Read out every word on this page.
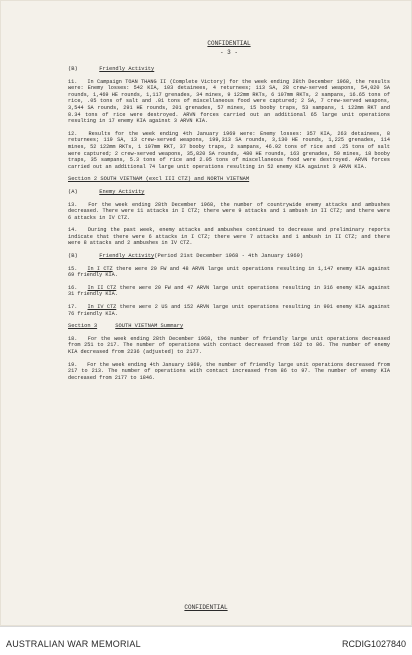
CONFIDENTIAL
- 3 -
(B)	Friendly Activity

11. In Campaign TOAN THANG II (Complete Victory) for the week ending 28th December 1968, the results were: Enemy losses: 542 KIA, 103 detainees, 4 returnees; 113 SA, 28 crew-served weapons, 54,020 SA rounds, 1,469 HE rounds, 1,117 grenades, 34 mines, 9 122mm RKTs, 6 107mm RKTs, 2 sampans, 16.65 tons of rice, .05 tons of salt and .01 tons of miscellaneous food were captured; 2 SA, 7 crew-served weapons, 3,544 SA rounds, 291 HE rounds, 201 grenades, 57 mines, 15 booby traps, 53 sampans, 1 122mm RKT and 8.34 tons of rice were destroyed. ARVN forces carried out an additional 65 large unit operations resulting in 17 enemy KIA against 3 ARVN KIA.

12. Results for the week ending 4th January 1969 were: Enemy losses: 357 KIA, 263 detainees, 8 returnees; 119 SA, 13 crew-served weapons, 199,313 SA rounds, 3,130 HE rounds, 1,225 grenades, 114 mines, 52 122mm RKTs, 1 107mm RKT, 37 booby traps, 2 sampans, 46.92 tons of rice and .25 tons of salt were captured; 2 crew-served weapons, 35,820 SA rounds, 480 HE rounds, 163 grenades, 50 mines, 18 booby traps, 35 sampans, 5.3 tons of rice and 2.05 tons of miscellaneous food were destroyed. ARVN forces carried out an additional 74 large unit operations resulting in 52 enemy KIA against 3 ARVN KIA.

Section 2 SOUTH VIETNAM (excl III CTZ) and NORTH VIETNAM
(A)	Enemy Activity

13. For the week ending 28th December 1968, the number of countrywide enemy attacks and ambushes decreased. There were 11 attacks in I CTZ; there were 9 attacks and 1 ambush in II CTZ; and there were 6 attacks in IV CTZ.

14. During the past week, enemy attacks and ambushes continued to decrease and preliminary reports indicate that there were 6 attacks in I CTZ; there were 7 attacks and 1 ambush in II CTZ; and there were 8 attacks and 2 ambushes in IV CTZ.

(B)	Friendly Activity(Period 21st December 1968 - 4th January 1969)

15. In I CTZ there were 20 FW and 48 ARVN large unit operations resulting in 1,147 enemy KIA against 69 friendly KIA.

16. In II CTZ there were 20 FW and 47 ARVN large unit operations resulting in 316 enemy KIA against 31 friendly KIA.

17. In IV CTZ there were 2 US and 152 ARVN large unit operations resulting in 901 enemy KIA against 76 friendly KIA.

Section 3	SOUTH VIETNAM Summary

18. For the week ending 28th December 1968, the number of friendly large unit operations decreased from 251 to 217. The number of operations with contact decreased from 102 to 86. The number of enemy KIA decreased from 2236 (adjusted) to 2177.

19. For the week ending 4th January 1969, the number of friendly large unit operations decreased from 217 to 213. The number of operations with contact increased from 86 to 97. The number of enemy KIA decreased from 2177 to 1846.

CONFIDENTIAL
AUSTRALIAN WAR MEMORIAL	RCDIG1027840
